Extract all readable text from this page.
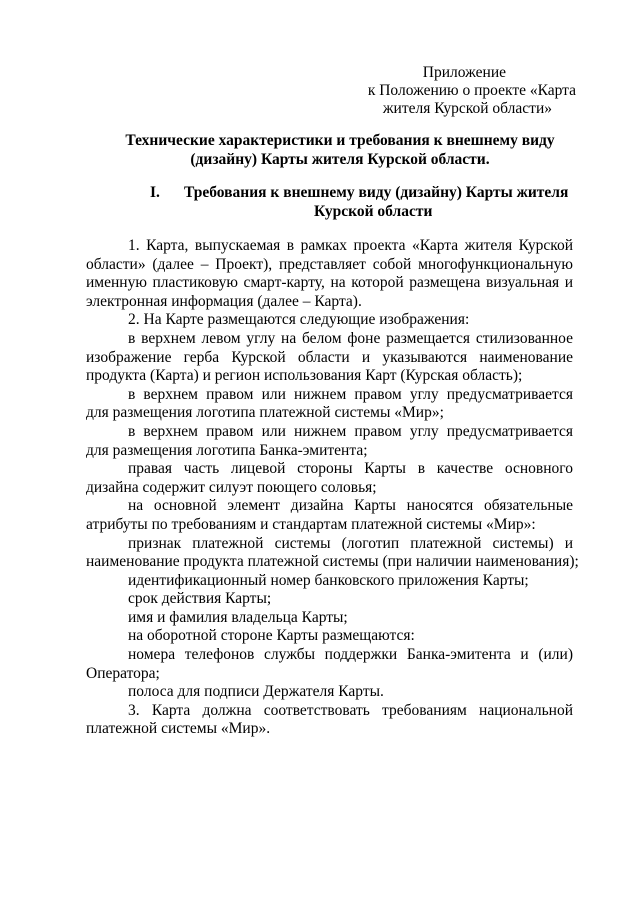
Приложение
к Положению о проекте «Карта
жителя Курской области»
Технические характеристики и требования к внешнему виду
(дизайну) Карты жителя Курской области.
I. Требования к внешнему виду (дизайну) Карты жителя
Курской области
1. Карта, выпускаемая в рамках проекта «Карта жителя Курской
области» (далее – Проект), представляет собой многофункциональную
именную пластиковую смарт-карту, на которой размещена визуальная и
электронная информация (далее – Карта).
2. На Карте размещаются следующие изображения:
в верхнем левом углу на белом фоне размещается стилизованное
изображение герба Курской области и указываются наименование
продукта (Карта) и регион использования Карт (Курская область);
в верхнем правом или нижнем правом углу предусматривается
для размещения логотипа платежной системы «Мир»;
в верхнем правом или нижнем правом углу предусматривается
для размещения логотипа Банка-эмитента;
правая часть лицевой стороны Карты в качестве основного
дизайна содержит силуэт поющего соловья;
на основной элемент дизайна Карты наносятся обязательные
атрибуты по требованиям и стандартам платежной системы «Мир»:
признак платежной системы (логотип платежной системы) и
наименование продукта платежной системы (при наличии наименования);
идентификационный номер банковского приложения Карты;
срок действия Карты;
имя и фамилия владельца Карты;
на оборотной стороне Карты размещаются:
номера телефонов службы поддержки Банка-эмитента и (или)
Оператора;
полоса для подписи Держателя Карты.
3. Карта должна соответствовать требованиям национальной
платежной системы «Мир».
